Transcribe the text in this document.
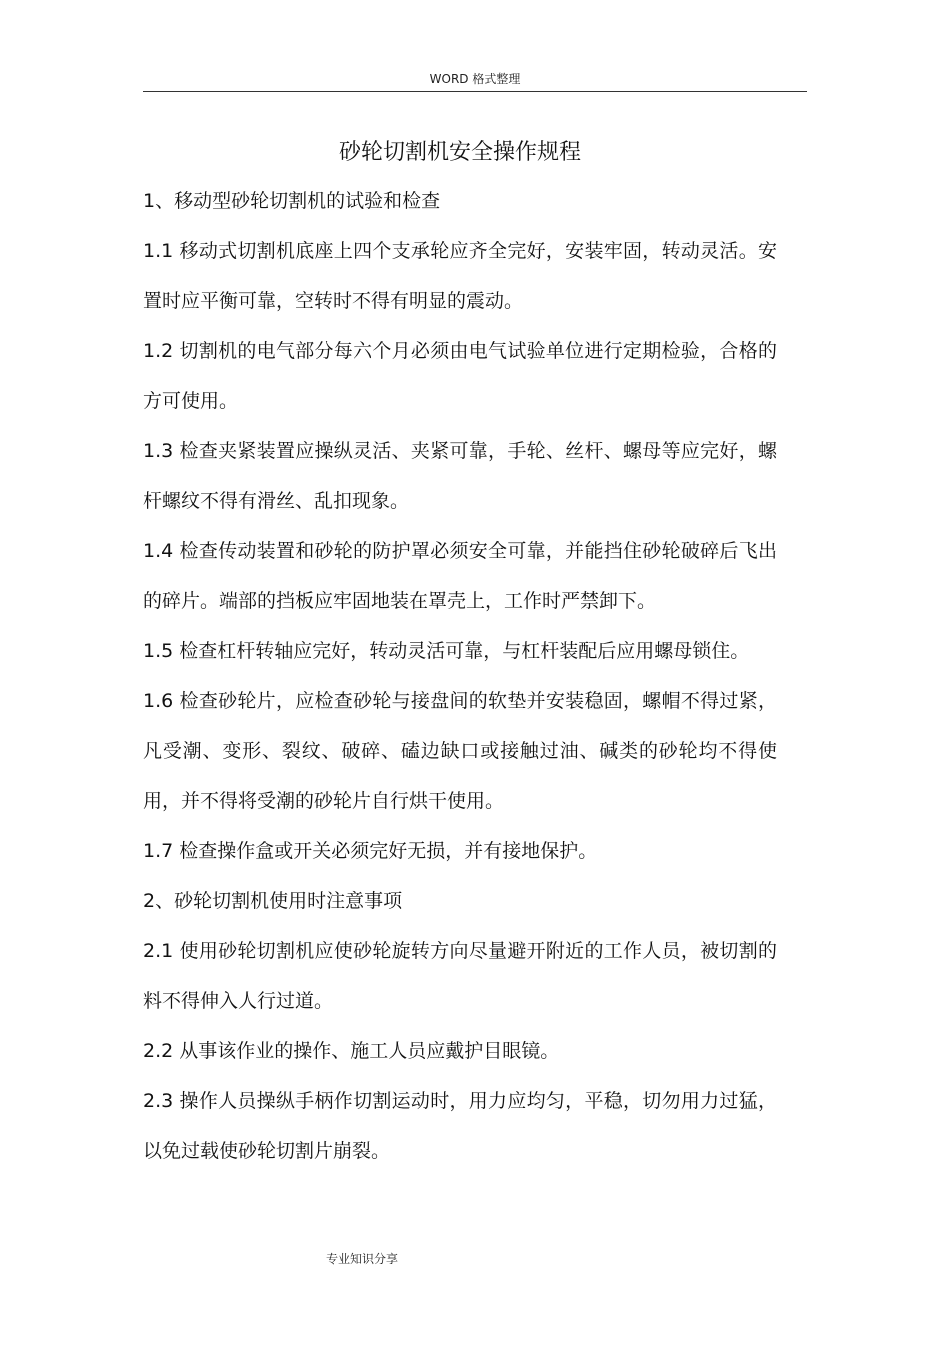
WORD 格式整理
砂轮切割机安全操作规程

1、移动型砂轮切割机的试验和检查

1.1 移动式切割机底座上四个支承轮应齐全完好，安装牢固，转动灵活。安置时应平衡可靠，空转时不得有明显的震动。

1.2 切割机的电气部分每六个月必须由电气试验单位进行定期检验，合格的方可使用。

1.3 检查夹紧装置应操纵灵活、夹紧可靠，手轮、丝杆、螺母等应完好，螺杆螺纹不得有滑丝、乱扣现象。

1.4 检查传动装置和砂轮的防护罩必须安全可靠，并能挡住砂轮破碎后飞出的碎片。端部的挡板应牢固地装在罩壳上，工作时严禁卸下。

1.5 检查杠杆转轴应完好，转动灵活可靠，与杠杆装配后应用螺母锁住。

1.6 检查砂轮片，应检查砂轮与接盘间的软垫并安装稳固，螺帽不得过紧，凡受潮、变形、裂纹、破碎、磕边缺口或接触过油、碱类的砂轮均不得使用，并不得将受潮的砂轮片自行烘干使用。

1.7 检查操作盒或开关必须完好无损，并有接地保护。

2、砂轮切割机使用时注意事项

2.1 使用砂轮切割机应使砂轮旋转方向尽量避开附近的工作人员，被切割的料不得伸入人行过道。

2.2 从事该作业的操作、施工人员应戴护目眼镜。

2.3 操作人员操纵手柄作切割运动时，用力应均匀，平稳，切勿用力过猛，以免过载使砂轮切割片崩裂。

专业知识分享
